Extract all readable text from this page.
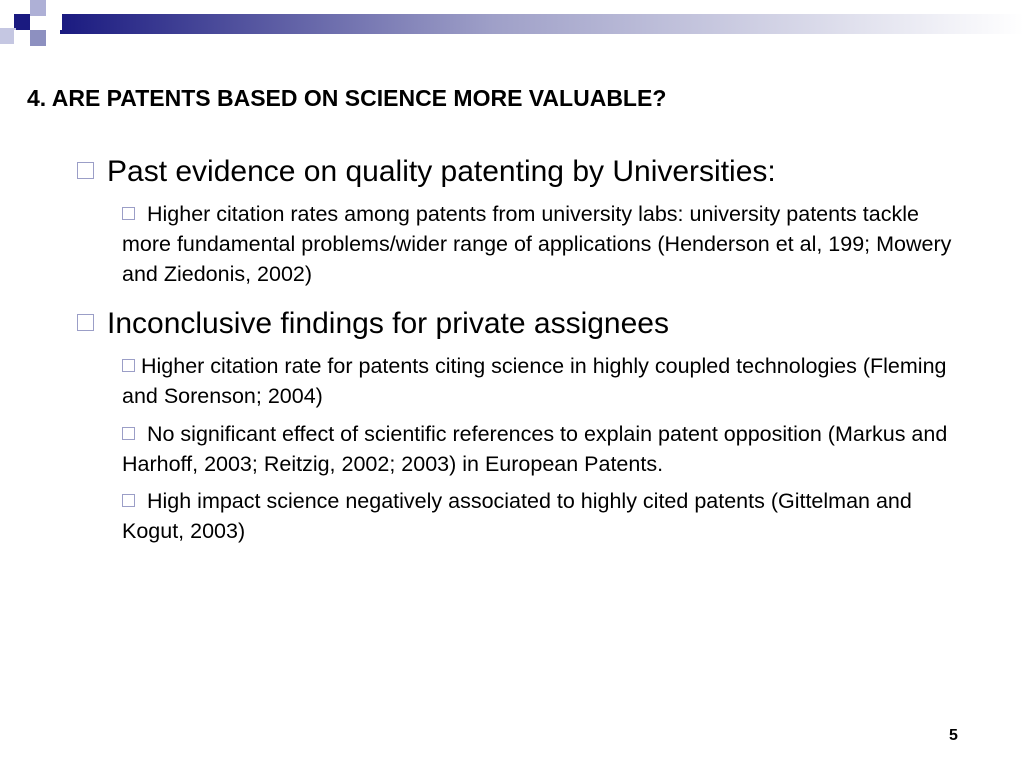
4. ARE PATENTS BASED ON SCIENCE MORE VALUABLE?
Past evidence on quality patenting by Universities:
Higher citation rates among patents from university labs: university patents tackle more fundamental problems/wider range of applications (Henderson et al, 199; Mowery and Ziedonis, 2002)
Inconclusive findings for private assignees
Higher citation rate for patents citing science in highly coupled technologies (Fleming and Sorenson; 2004)
No significant effect of scientific references to explain patent opposition (Markus and Harhoff, 2003; Reitzig, 2002; 2003) in European Patents.
High impact science negatively associated to highly cited patents (Gittelman and Kogut, 2003)
5
